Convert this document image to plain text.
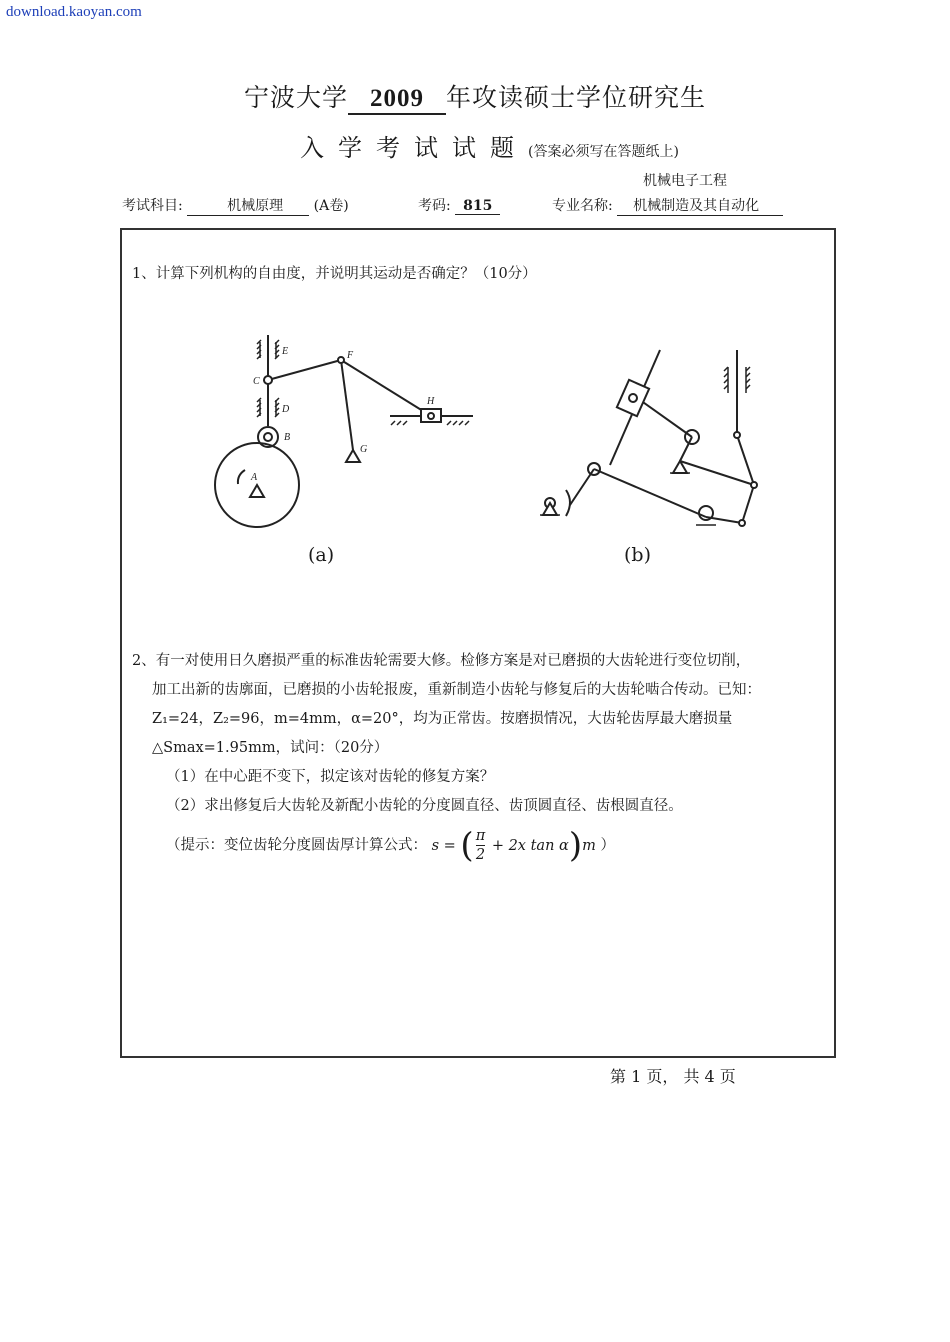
download.kaoyan.com
宁波大学 2009 年攻读硕士学位研究生
入学考试试题(答案必须写在答题纸上)
机械电子工程
考试科目:	机械原理 (A卷)	考码: 815	专业名称: 机械制造及其自动化
1、计算下列机构的自由度，并说明其运动是否确定？（10分）
E
C
D
B
A
F
G
H
(a)	(b)
2、有一对使用日久磨损严重的标准齿轮需要大修。检修方案是对已磨损的大齿轮进行变位切削，
加工出新的齿廓面，已磨损的小齿轮报废，重新制造小齿轮与修复后的大齿轮啮合传动。已知：
Z₁=24，Z₂=96，m=4mm，α=20°，均为正常齿。按磨损情况，大齿轮齿厚最大磨损量
△Smax=1.95mm，试问：（20分）
（1）在中心距不变下，拟定该对齿轮的修复方案？
（2）求出修复后大齿轮及新配小齿轮的分度圆直径、齿顶圆直径、齿根圆直径。
（提示：变位齿轮分度圆齿厚计算公式： s = ( $\frac{\pi}{2} + 2x$ tan α)m ）
第 1 页， 共 4 页
